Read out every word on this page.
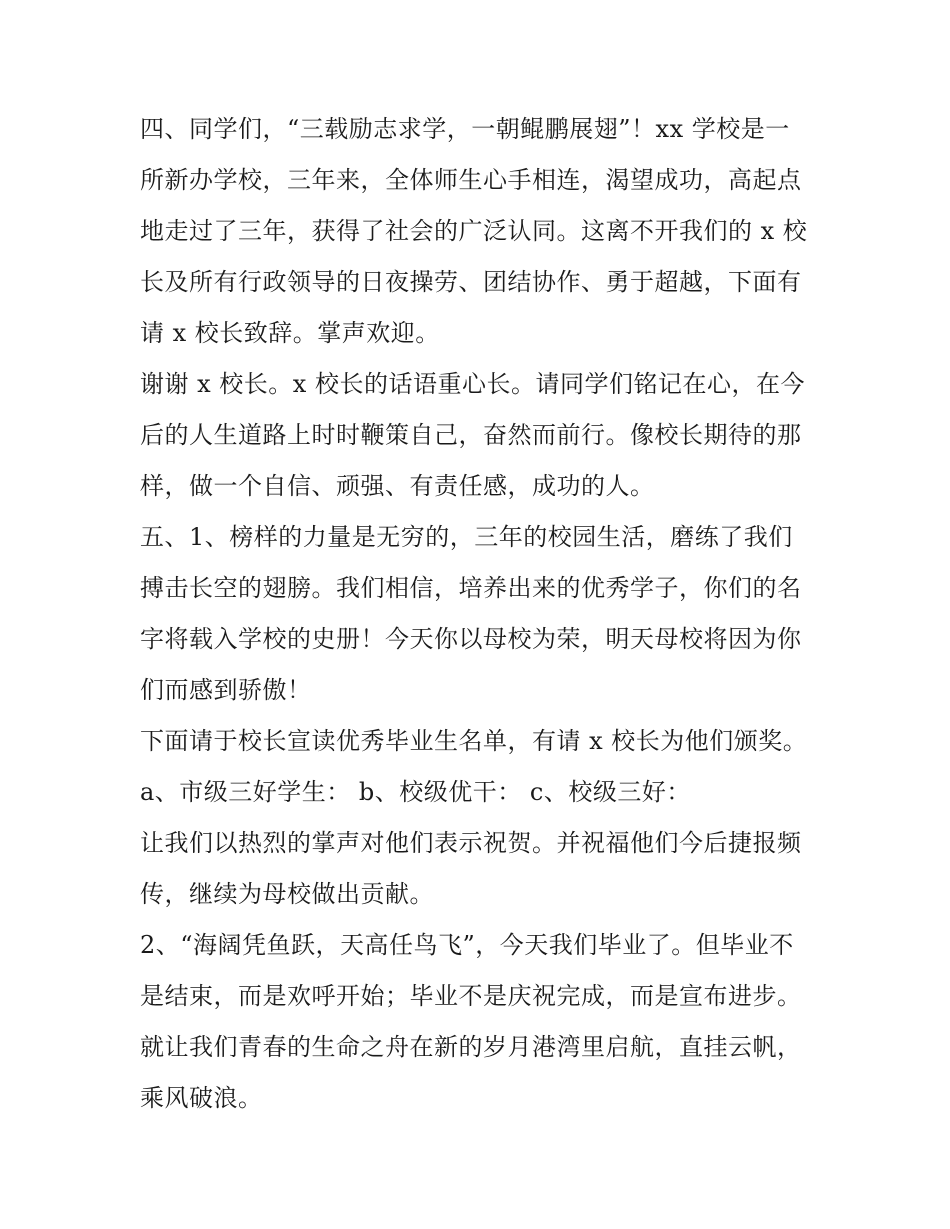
四、同学们，“三载励志求学，一朝鲲鹏展翅”！xx 学校是一
所新办学校，三年来，全体师生心手相连，渴望成功，高起点
地走过了三年，获得了社会的广泛认同。这离不开我们的 x 校
长及所有行政领导的日夜操劳、团结协作、勇于超越，下面有
请 x 校长致辞。掌声欢迎。
谢谢 x 校长。x 校长的话语重心长。请同学们铭记在心，在今
后的人生道路上时时鞭策自己，奋然而前行。像校长期待的那
样，做一个自信、顽强、有责任感，成功的人。
五、1、榜样的力量是无穷的，三年的校园生活，磨练了我们
搏击长空的翅膀。我们相信，培养出来的优秀学子，你们的名
字将载入学校的史册！今天你以母校为荣，明天母校将因为你
们而感到骄傲！
下面请于校长宣读优秀毕业生名单，有请 x 校长为他们颁奖。
a、市级三好学生： b、校级优干： c、校级三好：
让我们以热烈的掌声对他们表示祝贺。并祝福他们今后捷报频
传，继续为母校做出贡献。
2、“海阔凭鱼跃，天高任鸟飞”，今天我们毕业了。但毕业不
是结束，而是欢呼开始；毕业不是庆祝完成，而是宣布进步。
就让我们青春的生命之舟在新的岁月港湾里启航，直挂云帆，
乘风破浪。
